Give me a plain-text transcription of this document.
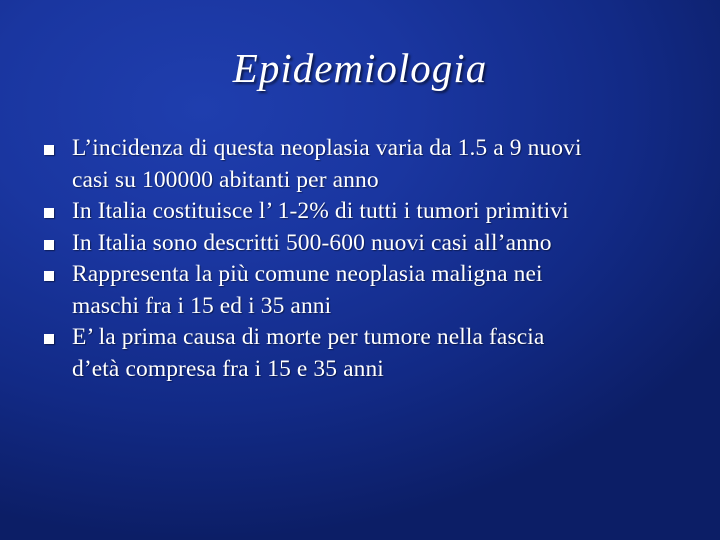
Epidemiologia
L’incidenza di questa neoplasia varia da 1.5 a 9 nuovi
casi su 100000 abitanti per anno
In Italia costituisce l’ 1-2% di tutti i tumori primitivi
In Italia sono descritti 500-600 nuovi casi all’anno
Rappresenta la più comune neoplasia maligna nei
maschi fra i 15 ed i 35 anni
E’ la prima causa di morte per tumore nella fascia
d’età compresa fra i 15 e 35 anni
